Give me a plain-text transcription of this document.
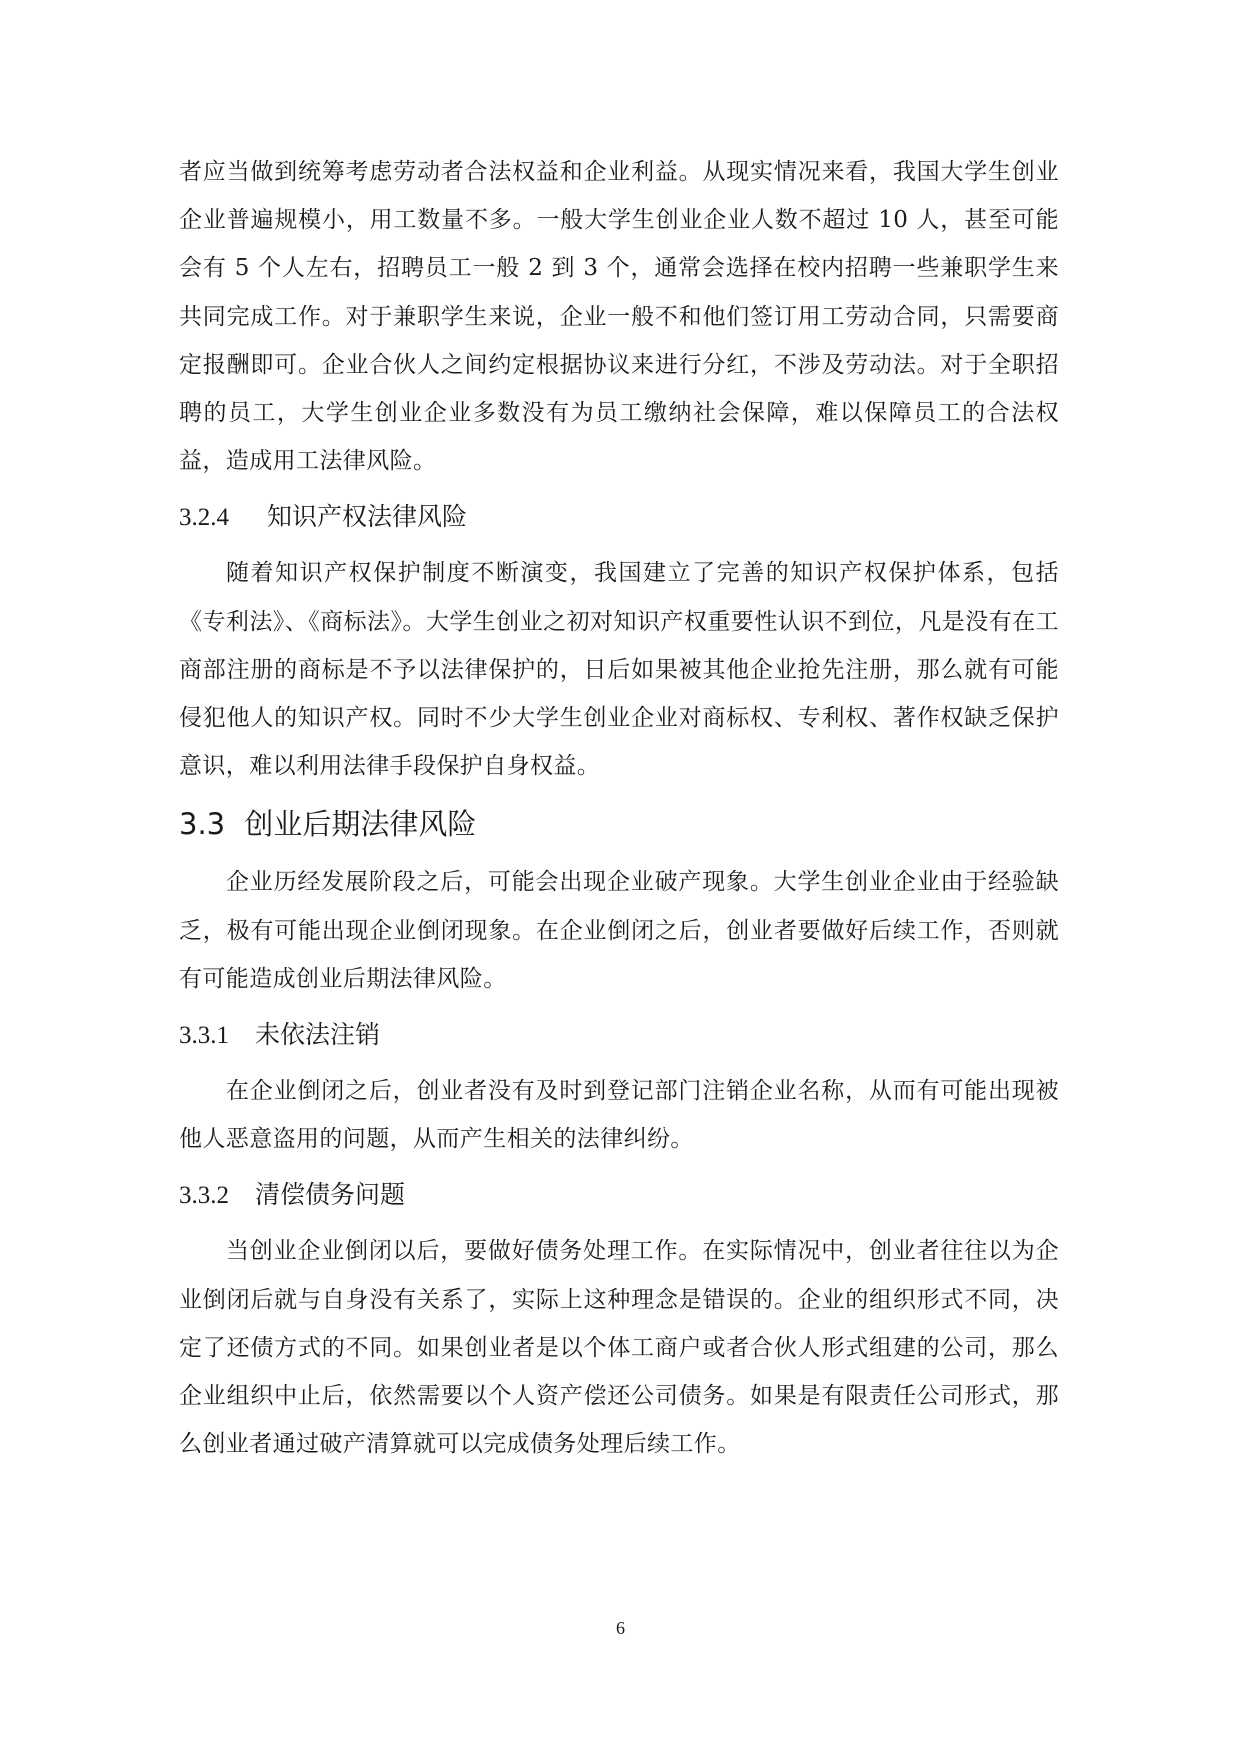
者应当做到统筹考虑劳动者合法权益和企业利益。从现实情况来看，我国大学生创业企业普遍规模小，用工数量不多。一般大学生创业企业人数不超过 10 人，甚至可能会有 5 个人左右，招聘员工一般 2 到 3 个，通常会选择在校内招聘一些兼职学生来共同完成工作。对于兼职学生来说，企业一般不和他们签订用工劳动合同，只需要商定报酬即可。企业合伙人之间约定根据协议来进行分红，不涉及劳动法。对于全职招聘的员工，大学生创业企业多数没有为员工缴纳社会保障，难以保障员工的合法权益，造成用工法律风险。

3.2.4 知识产权法律风险

随着知识产权保护制度不断演变，我国建立了完善的知识产权保护体系，包括《专利法》、《商标法》。大学生创业之初对知识产权重要性认识不到位，凡是没有在工商部注册的商标是不予以法律保护的，日后如果被其他企业抢先注册，那么就有可能侵犯他人的知识产权。同时不少大学生创业企业对商标权、专利权、著作权缺乏保护意识，难以利用法律手段保护自身权益。

3.3 创业后期法律风险

企业历经发展阶段之后，可能会出现企业破产现象。大学生创业企业由于经验缺乏，极有可能出现企业倒闭现象。在企业倒闭之后，创业者要做好后续工作，否则就有可能造成创业后期法律风险。

3.3.1 未依法注销

在企业倒闭之后，创业者没有及时到登记部门注销企业名称，从而有可能出现被他人恶意盗用的问题，从而产生相关的法律纠纷。

3.3.2 清偿债务问题

当创业企业倒闭以后，要做好债务处理工作。在实际情况中，创业者往往以为企业倒闭后就与自身没有关系了，实际上这种理念是错误的。企业的组织形式不同，决定了还债方式的不同。如果创业者是以个体工商户或者合伙人形式组建的公司，那么企业组织中止后，依然需要以个人资产偿还公司债务。如果是有限责任公司形式，那么创业者通过破产清算就可以完成债务处理后续工作。

6
